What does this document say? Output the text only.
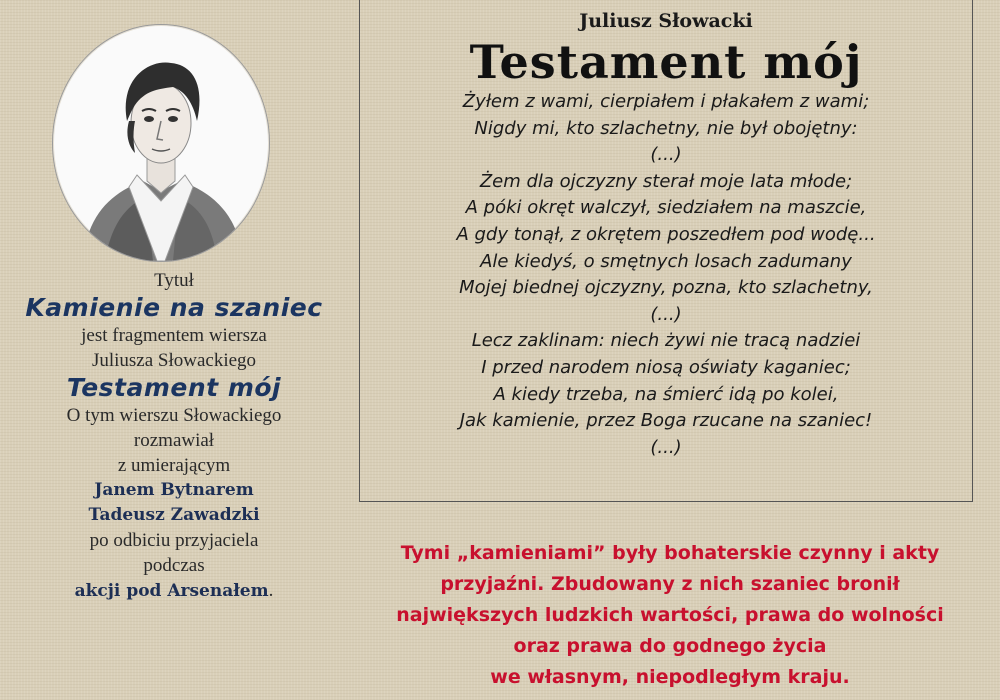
Tytuł
Kamienie na szaniec
jest fragmentem wiersza
Juliusza Słowackiego
Testament mój
O tym wierszu Słowackiego
rozmawiał
z umierającym
Janem Bytnarem
Tadeusz Zawadzki
po odbiciu przyjaciela
podczas
akcji pod Arsenałem.
Juliusz Słowacki
Testament mój
Żyłem z wami, cierpiałem i płakałem z wami;
Nigdy mi, kto szlachetny, nie był obojętny:
(...)
Żem dla ojczyzny sterał moje lata młode;
A póki okręt walczył, siedziałem na maszcie,
A gdy tonął, z okrętem poszedłem pod wodę...
Ale kiedyś, o smętnych losach zadumany
Mojej biednej ojczyzny, pozna, kto szlachetny,
(...)
Lecz zaklinam: niech żywi nie tracą nadziei
I przed narodem niosą oświaty kaganiec;
A kiedy trzeba, na śmierć idą po kolei,
Jak kamienie, przez Boga rzucane na szaniec!
(...)
Tymi „kamieniami” były bohaterskie czynny i akty
przyjaźni. Zbudowany z nich szaniec bronił
największych ludzkich wartości, prawa do wolności
oraz prawa do godnego życia
we własnym, niepodległym kraju.
